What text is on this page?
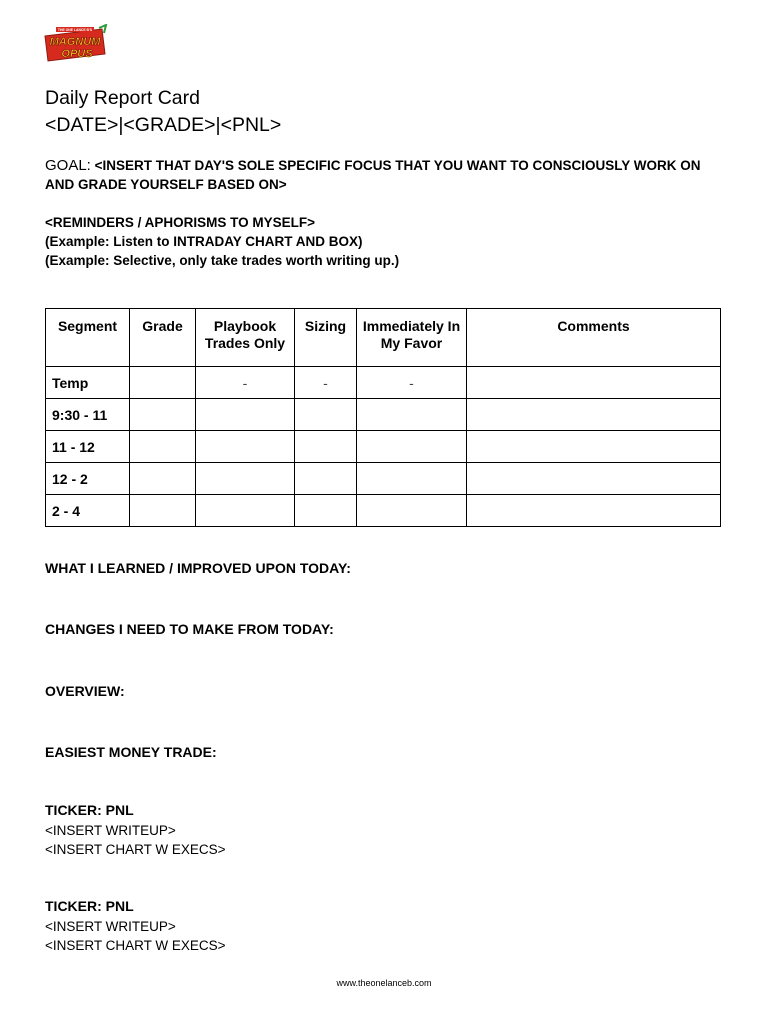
THE ONE LANCE B'S
MAGNUM
OPUS
Daily Report Card
<DATE>|<GRADE>|<PNL>
GOAL: <INSERT THAT DAY'S SOLE SPECIFIC FOCUS THAT YOU WANT TO CONSCIOUSLY WORK ON AND GRADE YOURSELF BASED ON>
<REMINDERS / APHORISMS TO MYSELF>
(Example: Listen to INTRADAY CHART AND BOX)
(Example: Selective, only take trades worth writing up.)
Segment	Grade	Playbook Trades Only	Sizing	Immediately In My Favor	Comments
Temp		-	-	-	
9:30 - 11					
11 - 12					
12 - 2					
2 - 4					
WHAT I LEARNED / IMPROVED UPON TODAY:
CHANGES I NEED TO MAKE FROM TODAY:
OVERVIEW:
EASIEST MONEY TRADE:
TICKER: PNL
<INSERT WRITEUP>
<INSERT CHART W EXECS>
TICKER: PNL
<INSERT WRITEUP>
<INSERT CHART W EXECS>
www.theonelanceb.com
